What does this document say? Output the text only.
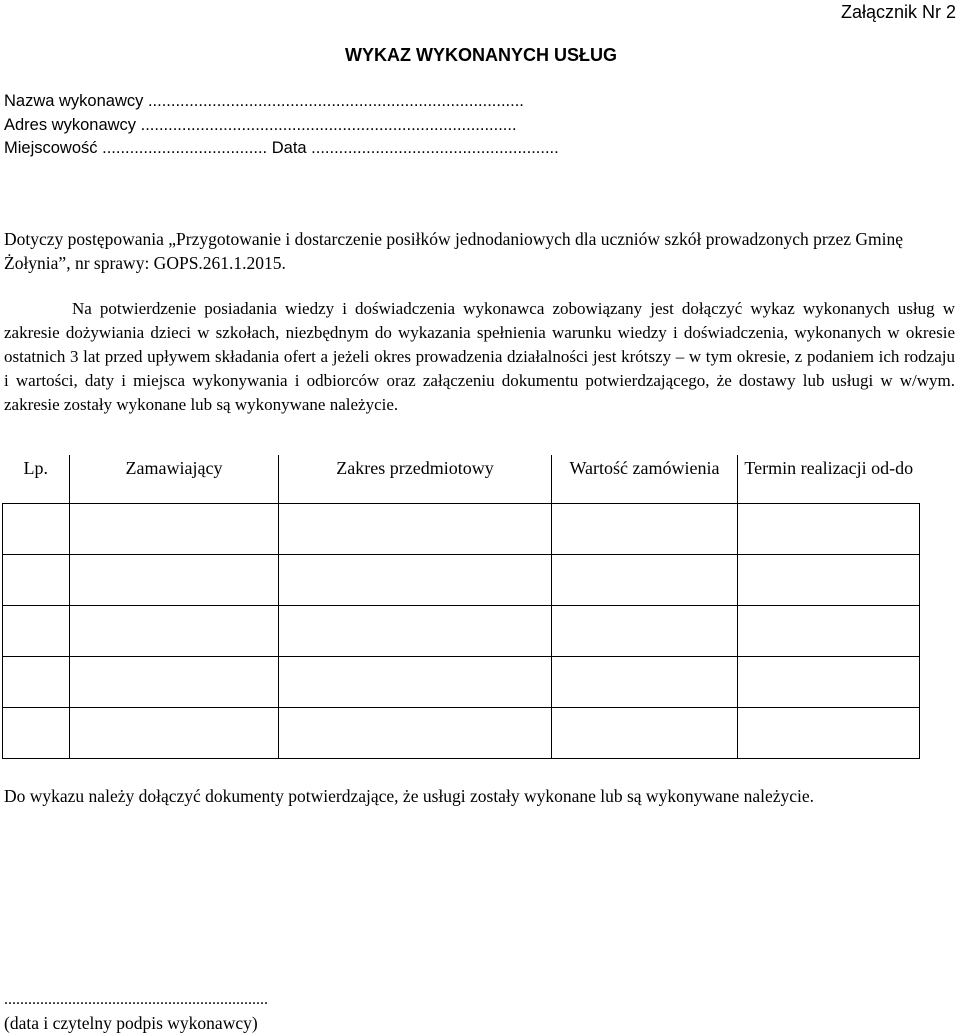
Załącznik Nr 2
WYKAZ WYKONANYCH USŁUG
Nazwa wykonawcy ..................................................................................
Adres wykonawcy ..................................................................................
Miejscowość .................................... Data ......................................................
Dotyczy postępowania „Przygotowanie i dostarczenie posiłków jednodaniowych dla uczniów szkół prowadzonych przez Gminę Żołynia”, nr sprawy: GOPS.261.1.2015.
Na potwierdzenie posiadania wiedzy i doświadczenia wykonawca zobowiązany jest dołączyć wykaz wykonanych usług w zakresie dożywiania dzieci w szkołach, niezbędnym do wykazania spełnienia warunku wiedzy i doświadczenia, wykonanych w okresie ostatnich 3 lat przed upływem składania ofert a jeżeli okres prowadzenia działalności jest krótszy – w tym okresie, z podaniem ich rodzaju i wartości, daty i miejsca wykonywania i odbiorców oraz załączeniu dokumentu potwierdzającego, że dostawy lub usługi w w/wym. zakresie zostały wykonane lub są wykonywane należycie.
Lp.	Zamawiający	Zakres przedmiotowy	Wartość zamówienia	Termin realizacji od-do

Do wykazu należy dołączyć dokumenty potwierdzające, że usługi zostały wykonane lub są wykonywane należycie.
..................................................................
(data i czytelny podpis wykonawcy)
